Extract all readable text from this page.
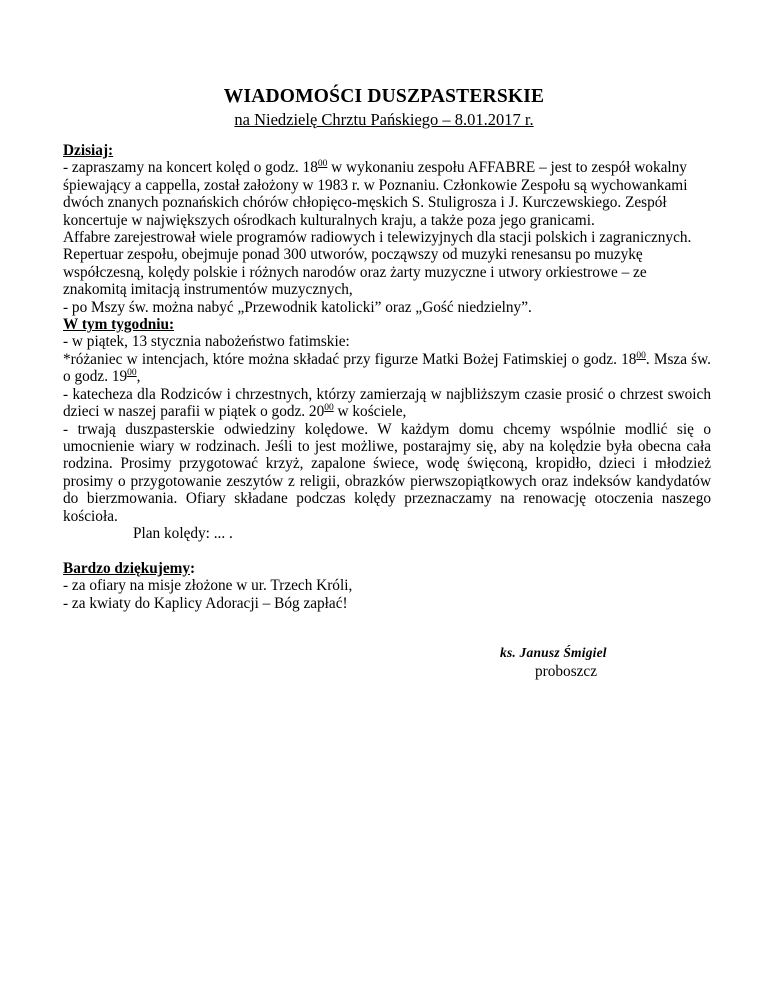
WIADOMOŚCI DUSZPASTERSKIE
na Niedzielę Chrztu Pańskiego – 8.01.2017 r.

Dzisiaj:

- zapraszamy na koncert kolęd o godz. $18^{00}$ w wykonaniu zespołu AFFABRE – jest to zespół wokalny śpiewający a cappella, został założony w 1983 r. w Poznaniu. Członkowie Zespołu są wychowankami dwóch znanych poznańskich chórów chłopięco-męskich S. Stuligrosza i J. Kurczewskiego. Zespół koncertuje w największych ośrodkach kulturalnych kraju, a także poza jego granicami.

Affabre zarejestrował wiele programów radiowych i telewizyjnych dla stacji polskich i zagranicznych. Repertuar zespołu, obejmuje ponad 300 utworów, począwszy od muzyki renesansu po muzykę współczesną, kolędy polskie i różnych narodów oraz żarty muzyczne i utwory orkiestrowe – ze znakomitą imitacją instrumentów muzycznych,

- po Mszy św. można nabyć „Przewodnik katolicki” oraz „Gość niedzielny”.

W tym tygodniu:

- w piątek, 13 stycznia nabożeństwo fatimskie:

*różaniec w intencjach, które można składać przy figurze Matki Bożej Fatimskiej o godz. $18^{00}$. Msza św. o godz. $19^{00}$,

- katecheza dla Rodziców i chrzestnych, którzy zamierzają w najbliższym czasie prosić o chrzest swoich dzieci w naszej parafii w piątek o godz. $20^{00}$ w kościele,

- trwają duszpasterskie odwiedziny kolędowe. W każdym domu chcemy wspólnie modlić się o umocnienie wiary w rodzinach. Jeśli to jest możliwe, postarajmy się, aby na kolędzie była obecna cała rodzina. Prosimy przygotować krzyż, zapalone świece, wodę święconą, kropidło, dzieci i młodzież prosimy o przygotowanie zeszytów z religii, obrazków pierwszopiątkowych oraz indeksów kandydatów do bierzmowania. Ofiary składane podczas kolędy przeznaczamy na renowację otoczenia naszego kościoła.

Plan kolędy: ... .

Bardzo dziękujemy:

- za ofiary na misje złożone w ur. Trzech Króli,

- za kwiaty do Kaplicy Adoracji – Bóg zapłać!

ks. Janusz Śmigiel
proboszcz
